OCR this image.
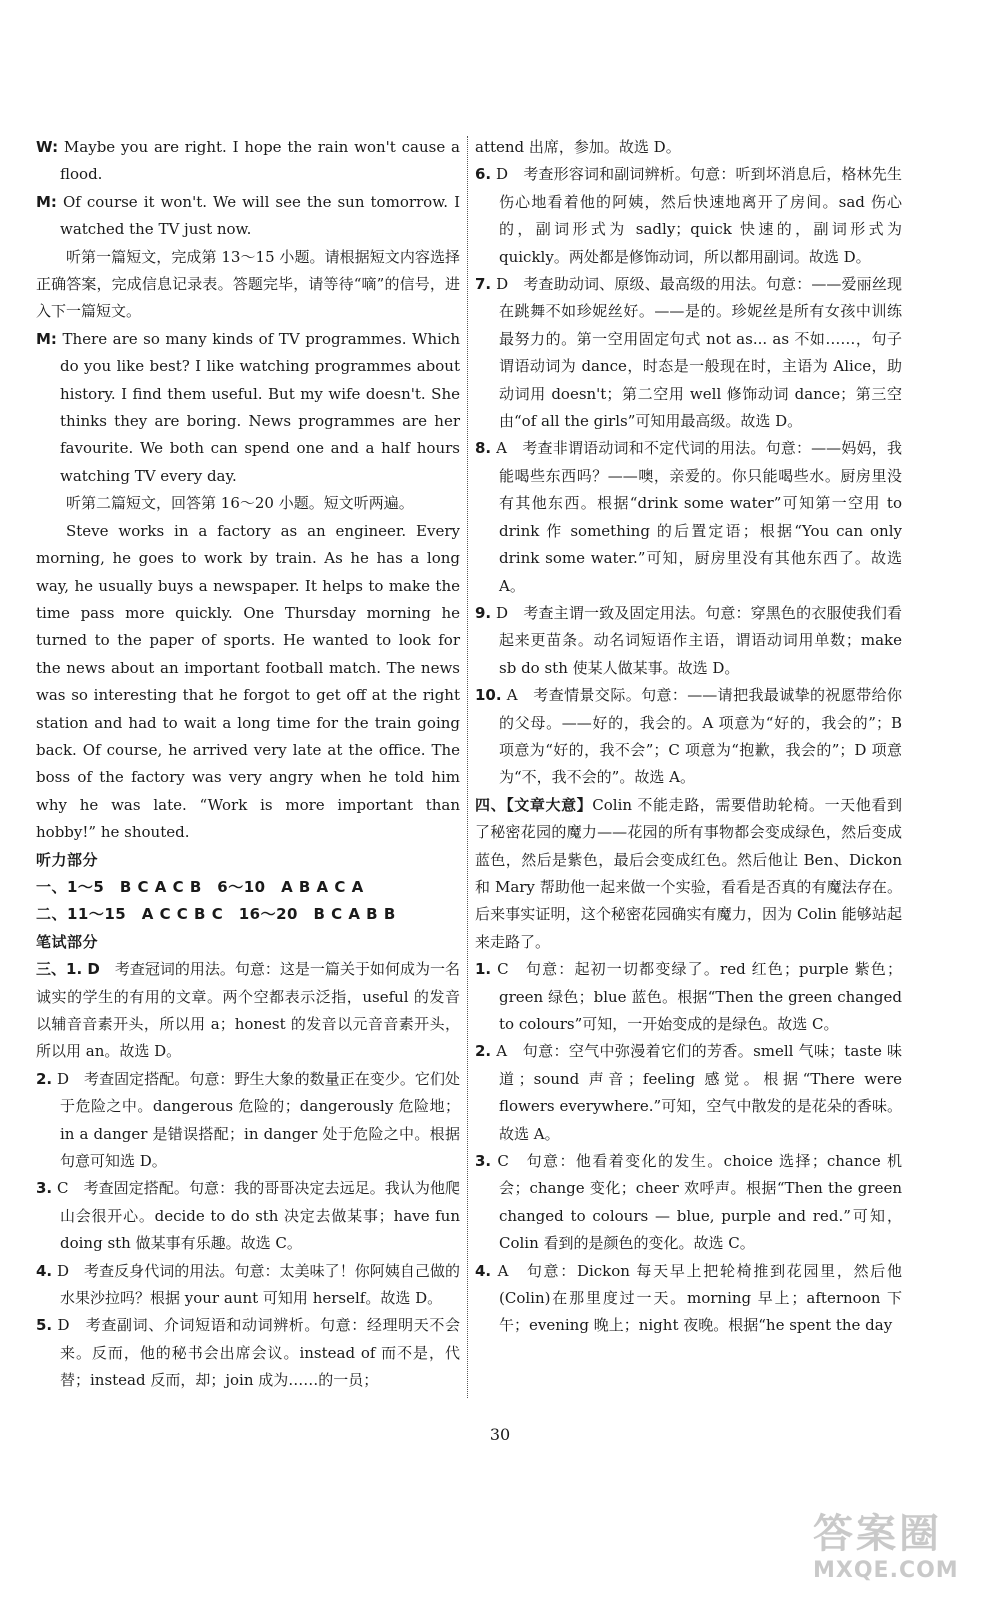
W: Maybe you are right. I hope the rain won't cause a flood.

M: Of course it won't. We will see the sun tomorrow. I watched the TV just now.

听第一篇短文，完成第 13～15 小题。请根据短文内容选择正确答案，完成信息记录表。答题完毕，请等待“嘀”的信号，进入下一篇短文。

M: There are so many kinds of TV programmes. Which do you like best? I like watching programmes about history. I find them useful. But my wife doesn't. She thinks they are boring. News programmes are her favourite. We both can spend one and a half hours watching TV every day.

听第二篇短文，回答第 16～20 小题。短文听两遍。

Steve works in a factory as an engineer. Every morning, he goes to work by train. As he has a long way, he usually buys a newspaper. It helps to make the time pass more quickly. One Thursday morning he turned to the paper of sports. He wanted to look for the news about an important football match. The news was so interesting that he forgot to get off at the right station and had to wait a long time for the train going back. Of course, he arrived very late at the office. The boss of the factory was very angry when he told him why he was late. “Work is more important than hobby!” he shouted.

听力部分

一、1～5　B C A C B　6～10　A B A C A

二、11～15　A C C B C　16～20　B C A B B

笔试部分

三、1. D　考查冠词的用法。句意：这是一篇关于如何成为一名诚实的学生的有用的文章。两个空都表示泛指，useful 的发音以辅音音素开头，所以用 a；honest 的发音以元音音素开头，所以用 an。故选 D。

2. D　考查固定搭配。句意：野生大象的数量正在变少。它们处于危险之中。dangerous 危险的；dangerously 危险地；in a danger 是错误搭配；in danger 处于危险之中。根据句意可知选 D。

3. C　考查固定搭配。句意：我的哥哥决定去远足。我认为他爬山会很开心。decide to do sth 决定去做某事；have fun doing sth 做某事有乐趣。故选 C。

4. D　考查反身代词的用法。句意：太美味了！你阿姨自己做的水果沙拉吗？根据 your aunt 可知用 herself。故选 D。

5. D　考查副词、介词短语和动词辨析。句意：经理明天不会来。反而，他的秘书会出席会议。instead of 而不是，代替；instead 反而，却；join 成为……的一员；

attend 出席，参加。故选 D。

6. D　考查形容词和副词辨析。句意：听到坏消息后，格林先生伤心地看着他的阿姨，然后快速地离开了房间。sad 伤心的，副词形式为 sadly；quick 快速的，副词形式为 quickly。两处都是修饰动词，所以都用副词。故选 D。

7. D　考查助动词、原级、最高级的用法。句意：——爱丽丝现在跳舞不如珍妮丝好。——是的。珍妮丝是所有女孩中训练最努力的。第一空用固定句式 not as... as 不如……，句子谓语动词为 dance，时态是一般现在时，主语为 Alice，助动词用 doesn't；第二空用 well 修饰动词 dance；第三空由“of all the girls”可知用最高级。故选 D。

8. A　考查非谓语动词和不定代词的用法。句意：——妈妈，我能喝些东西吗？——噢，亲爱的。你只能喝些水。厨房里没有其他东西。根据“drink some water”可知第一空用 to drink 作 something 的后置定语；根据“You can only drink some water.”可知，厨房里没有其他东西了。故选 A。

9. D　考查主谓一致及固定用法。句意：穿黑色的衣服使我们看起来更苗条。动名词短语作主语，谓语动词用单数；make sb do sth 使某人做某事。故选 D。

10. A　考查情景交际。句意：——请把我最诚挚的祝愿带给你的父母。——好的，我会的。A 项意为“好的，我会的”；B 项意为“好的，我不会”；C 项意为“抱歉，我会的”；D 项意为“不，我不会的”。故选 A。

四、【文章大意】Colin 不能走路，需要借助轮椅。一天他看到了秘密花园的魔力——花园的所有事物都会变成绿色，然后变成蓝色，然后是紫色，最后会变成红色。然后他让 Ben、Dickon 和 Mary 帮助他一起来做一个实验，看看是否真的有魔法存在。后来事实证明，这个秘密花园确实有魔力，因为 Colin 能够站起来走路了。

1. C　句意：起初一切都变绿了。red 红色；purple 紫色；green 绿色；blue 蓝色。根据“Then the green changed to colours”可知，一开始变成的是绿色。故选 C。

2. A　句意：空气中弥漫着它们的芳香。smell 气味；taste 味道；sound 声音；feeling 感觉。根据“There were flowers everywhere.”可知，空气中散发的是花朵的香味。故选 A。

3. C　句意：他看着变化的发生。choice 选择；chance 机会；change 变化；cheer 欢呼声。根据“Then the green changed to colours — blue, purple and red.”可知，Colin 看到的是颜色的变化。故选 C。

4. A　句意：Dickon 每天早上把轮椅推到花园里，然后他(Colin)在那里度过一天。morning 早上；afternoon 下午；evening 晚上；night 夜晚。根据“he spent the day

30
答案圈
MXQE.COM
